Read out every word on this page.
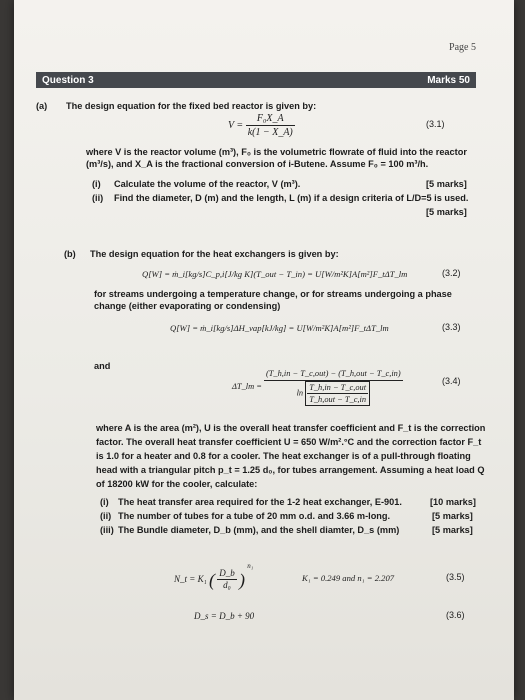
Page 5
Question 3	Marks 50
(a) The design equation for the fixed bed reactor is given by:
$V = \frac{\text{F₀X\_A}}{k(1 - X\_A)}$	(3.1)
where V is the reactor volume (m³), F₀ is the volumetric flowrate of fluid into the reactor
(m³/s), and X_A is the fractional conversion of i-Butene. Assume F₀ = 100 m³/h.
(i) Calculate the volume of the reactor, V (m³).	[5 marks]
(ii) Find the diameter, D (m) and the length, L (m) if a design criteria of L/D=5 is used.
[5 marks]
(b) The design equation for the heat exchangers is given by:
Q[W] = ṁ_i[kg/s]C_p,i[J/kg K](T_out − T_in) = U[W/m²K]A[m²]F_tΔT_lm	(3.2)
for streams undergoing a temperature change, or for streams undergoing a phase
change (either evaporating or condensing)
Q[W] = ṁ_i[kg/s]ΔH_vap[kJ/kg] = U[W/m²K]A[m²]F_tΔT_lm	(3.3)
and
ΔT_lm =
(T_h,in − T_c,out) − (T_h,out − T_c,in)
$\ln \frac{\text{T\_h,in − T\_c,out}}{\text{T\_h,out − T\_c,in}}$	(3.4)
where A is the area (m²), U is the overall heat transfer coefficient and F_t is the correction
factor. The overall heat transfer coefficient U = 650 W/m².°C and the correction factor F_t
is 1.0 for a heater and 0.8 for a cooler. The heat exchanger is of a pull-through floating
head with a triangular pitch p_t = 1.25 d₀, for tubes arrangement. Assuming a heat load Q
of 18200 kW for the cooler, calculate:
(i) The heat transfer area required for the 1-2 heat exchanger, E-901.	[10 marks]
(ii) The number of tubes for a tube of 20 mm o.d. and 3.66 m-long.	[5 marks]
(iii) The Bundle diameter, D_b (mm), and the shell diamter, D_s (mm)	[5 marks]
N_t = K₁ ( $\frac{D\_b}{\text{d₀}}$ ) $^{n_1}$
K₁ = 0.249 and n₁ = 2.207	(3.5)
D_s = D_b + 90	(3.6)
